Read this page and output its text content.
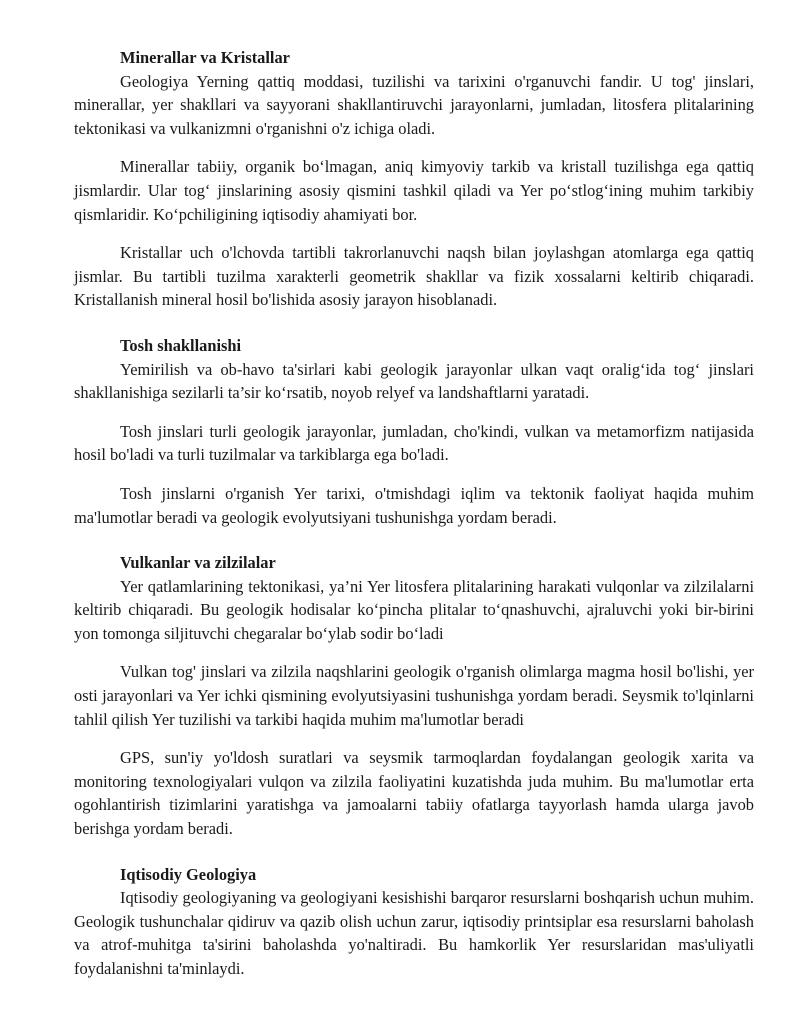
Minerallar va Kristallar

Geologiya Yerning qattiq moddasi, tuzilishi va tarixini o'rganuvchi fandir. U tog' jinslari, minerallar, yer shakllari va sayyorani shakllantiruvchi jarayonlarni, jumladan, litosfera plitalarining tektonikasi va vulkanizmni o'rganishni o'z ichiga oladi.

Minerallar tabiiy, organik bo‘lmagan, aniq kimyoviy tarkib va kristall tuzilishga ega qattiq jismlardir. Ular tog‘ jinslarining asosiy qismini tashkil qiladi va Yer po‘stlog‘ining muhim tarkibiy qismlaridir. Ko‘pchiligining iqtisodiy ahamiyati bor.

Kristallar uch o'lchovda tartibli takrorlanuvchi naqsh bilan joylashgan atomlarga ega qattiq jismlar. Bu tartibli tuzilma xarakterli geometrik shakllar va fizik xossalarni keltirib chiqaradi. Kristallanish mineral hosil bo'lishida asosiy jarayon hisoblanadi.

Tosh shakllanishi

Yemirilish va ob-havo ta'sirlari kabi geologik jarayonlar ulkan vaqt oralig‘ida tog‘ jinslari shakllanishiga sezilarli ta’sir ko‘rsatib, noyob relyef va landshaftlarni yaratadi.

Tosh jinslari turli geologik jarayonlar, jumladan, cho'kindi, vulkan va metamorfizm natijasida hosil bo'ladi va turli tuzilmalar va tarkiblarga ega bo'ladi.

Tosh jinslarni o'rganish Yer tarixi, o'tmishdagi iqlim va tektonik faoliyat haqida muhim ma'lumotlar beradi va geologik evolyutsiyani tushunishga yordam beradi.

Vulkanlar va zilzilalar

Yer qatlamlarining tektonikasi, ya’ni Yer litosfera plitalarining harakati vulqonlar va zilzilalarni keltirib chiqaradi. Bu geologik hodisalar ko‘pincha plitalar to‘qnashuvchi, ajraluvchi yoki bir-birini yon tomonga siljituvchi chegaralar bo‘ylab sodir bo‘ladi

Vulkan tog' jinslari va zilzila naqshlarini geologik o'rganish olimlarga magma hosil bo'lishi, yer osti jarayonlari va Yer ichki qismining evolyutsiyasini tushunishga yordam beradi. Seysmik to'lqinlarni tahlil qilish Yer tuzilishi va tarkibi haqida muhim ma'lumotlar beradi

GPS, sun'iy yo'ldosh suratlari va seysmik tarmoqlardan foydalangan geologik xarita va monitoring texnologiyalari vulqon va zilzila faoliyatini kuzatishda juda muhim. Bu ma'lumotlar erta ogohlantirish tizimlarini yaratishga va jamoalarni tabiiy ofatlarga tayyorlash hamda ularga javob berishga yordam beradi.

Iqtisodiy Geologiya

Iqtisodiy geologiyaning va geologiyani kesishishi barqaror resurslarni boshqarish uchun muhim. Geologik tushunchalar qidiruv va qazib olish uchun zarur, iqtisodiy printsiplar esa resurslarni baholash va atrof-muhitga ta'sirini baholashda yo'naltiradi. Bu hamkorlik Yer resurslaridan mas'uliyatli foydalanishni ta'minlaydi.
